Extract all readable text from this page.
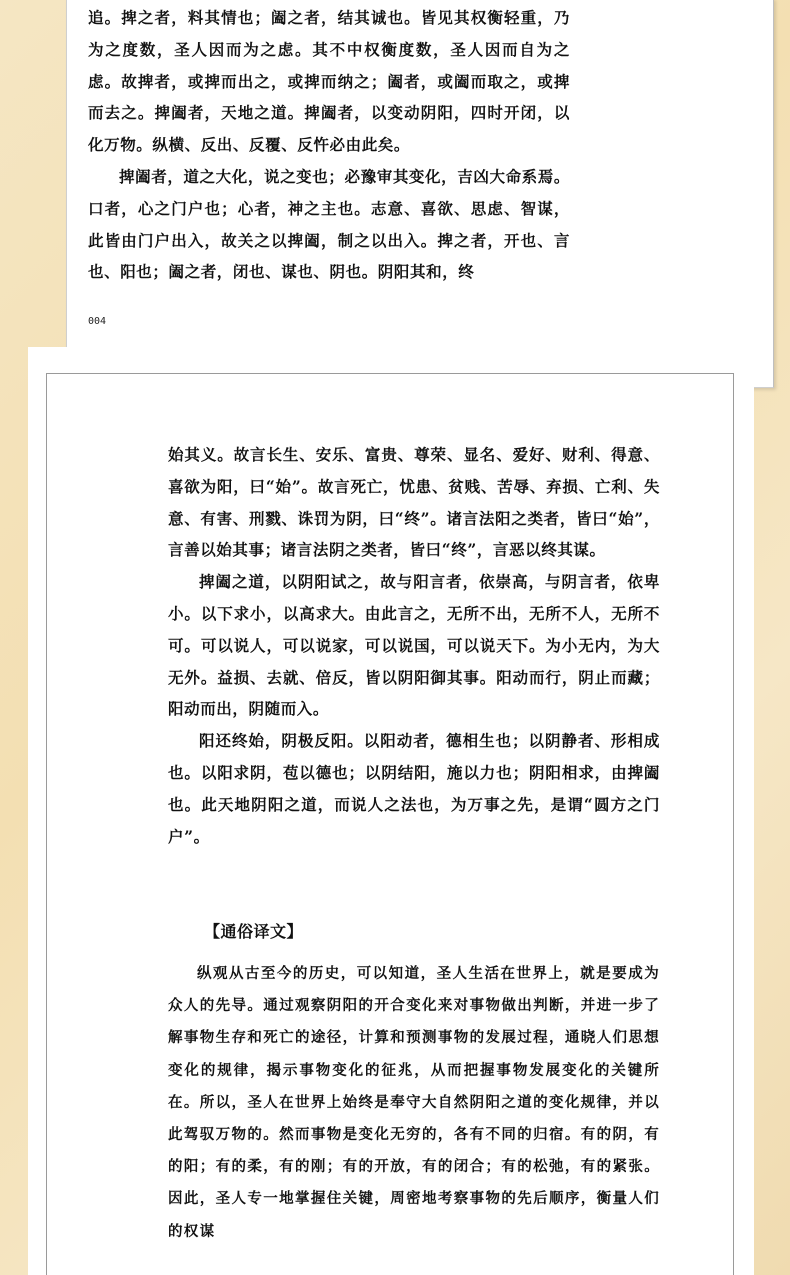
追。捭之者，料其情也；阖之者，结其诚也。皆见其权衡轻重，乃为之度数，圣人因而为之虑。其不中权衡度数，圣人因而自为之虑。故捭者，或捭而出之，或捭而纳之；阖者，或阖而取之，或捭而去之。捭阖者，天地之道。捭阖者，以变动阴阳，四时开闭，以化万物。纵横、反出、反覆、反忤必由此矣。
捭阖者，道之大化，说之变也；必豫审其变化，吉凶大命系焉。口者，心之门户也；心者，神之主也。志意、喜欲、思虑、智谋，此皆由门户出入，故关之以捭阖，制之以出入。捭之者，开也、言也、阳也；阖之者，闭也、谋也、阴也。阴阳其和，终
004
始其义。故言长生、安乐、富贵、尊荣、显名、爱好、财利、得意、喜欲为阳，曰“始”。故言死亡，忧患、贫贱、苦辱、弃损、亡利、失意、有害、刑戮、诛罚为阴，曰“终”。诸言法阳之类者，皆曰“始”，言善以始其事；诸言法阴之类者，皆曰“终”，言恶以终其谋。
捭阖之道，以阴阳试之，故与阳言者，依崇高，与阴言者，依卑小。以下求小，以高求大。由此言之，无所不出，无所不人，无所不可。可以说人，可以说家，可以说国，可以说天下。为小无内，为大无外。益损、去就、倍反，皆以阴阳御其事。阳动而行，阴止而藏；阳动而出，阴随而入。
阳还终始，阴极反阳。以阳动者，德相生也；以阴静者、形相成也。以阳求阴，苞以德也；以阴结阳，施以力也；阴阳相求，由捭阖也。此天地阴阳之道，而说人之法也，为万事之先，是谓“圆方之门户”。
【通俗译文】
纵观从古至今的历史，可以知道，圣人生活在世界上，就是要成为众人的先导。通过观察阴阳的开合变化来对事物做出判断，并进一步了解事物生存和死亡的途径，计算和预测事物的发展过程，通晓人们思想变化的规律，揭示事物变化的征兆，从而把握事物发展变化的关键所在。所以，圣人在世界上始终是奉守大自然阴阳之道的变化规律，并以此驾驭万物的。然而事物是变化无穷的，各有不同的归宿。有的阴，有的阳；有的柔，有的刚；有的开放，有的闭合；有的松弛，有的紧张。因此，圣人专一地掌握住关键，周密地考察事物的先后顺序，衡量人们的权谋
